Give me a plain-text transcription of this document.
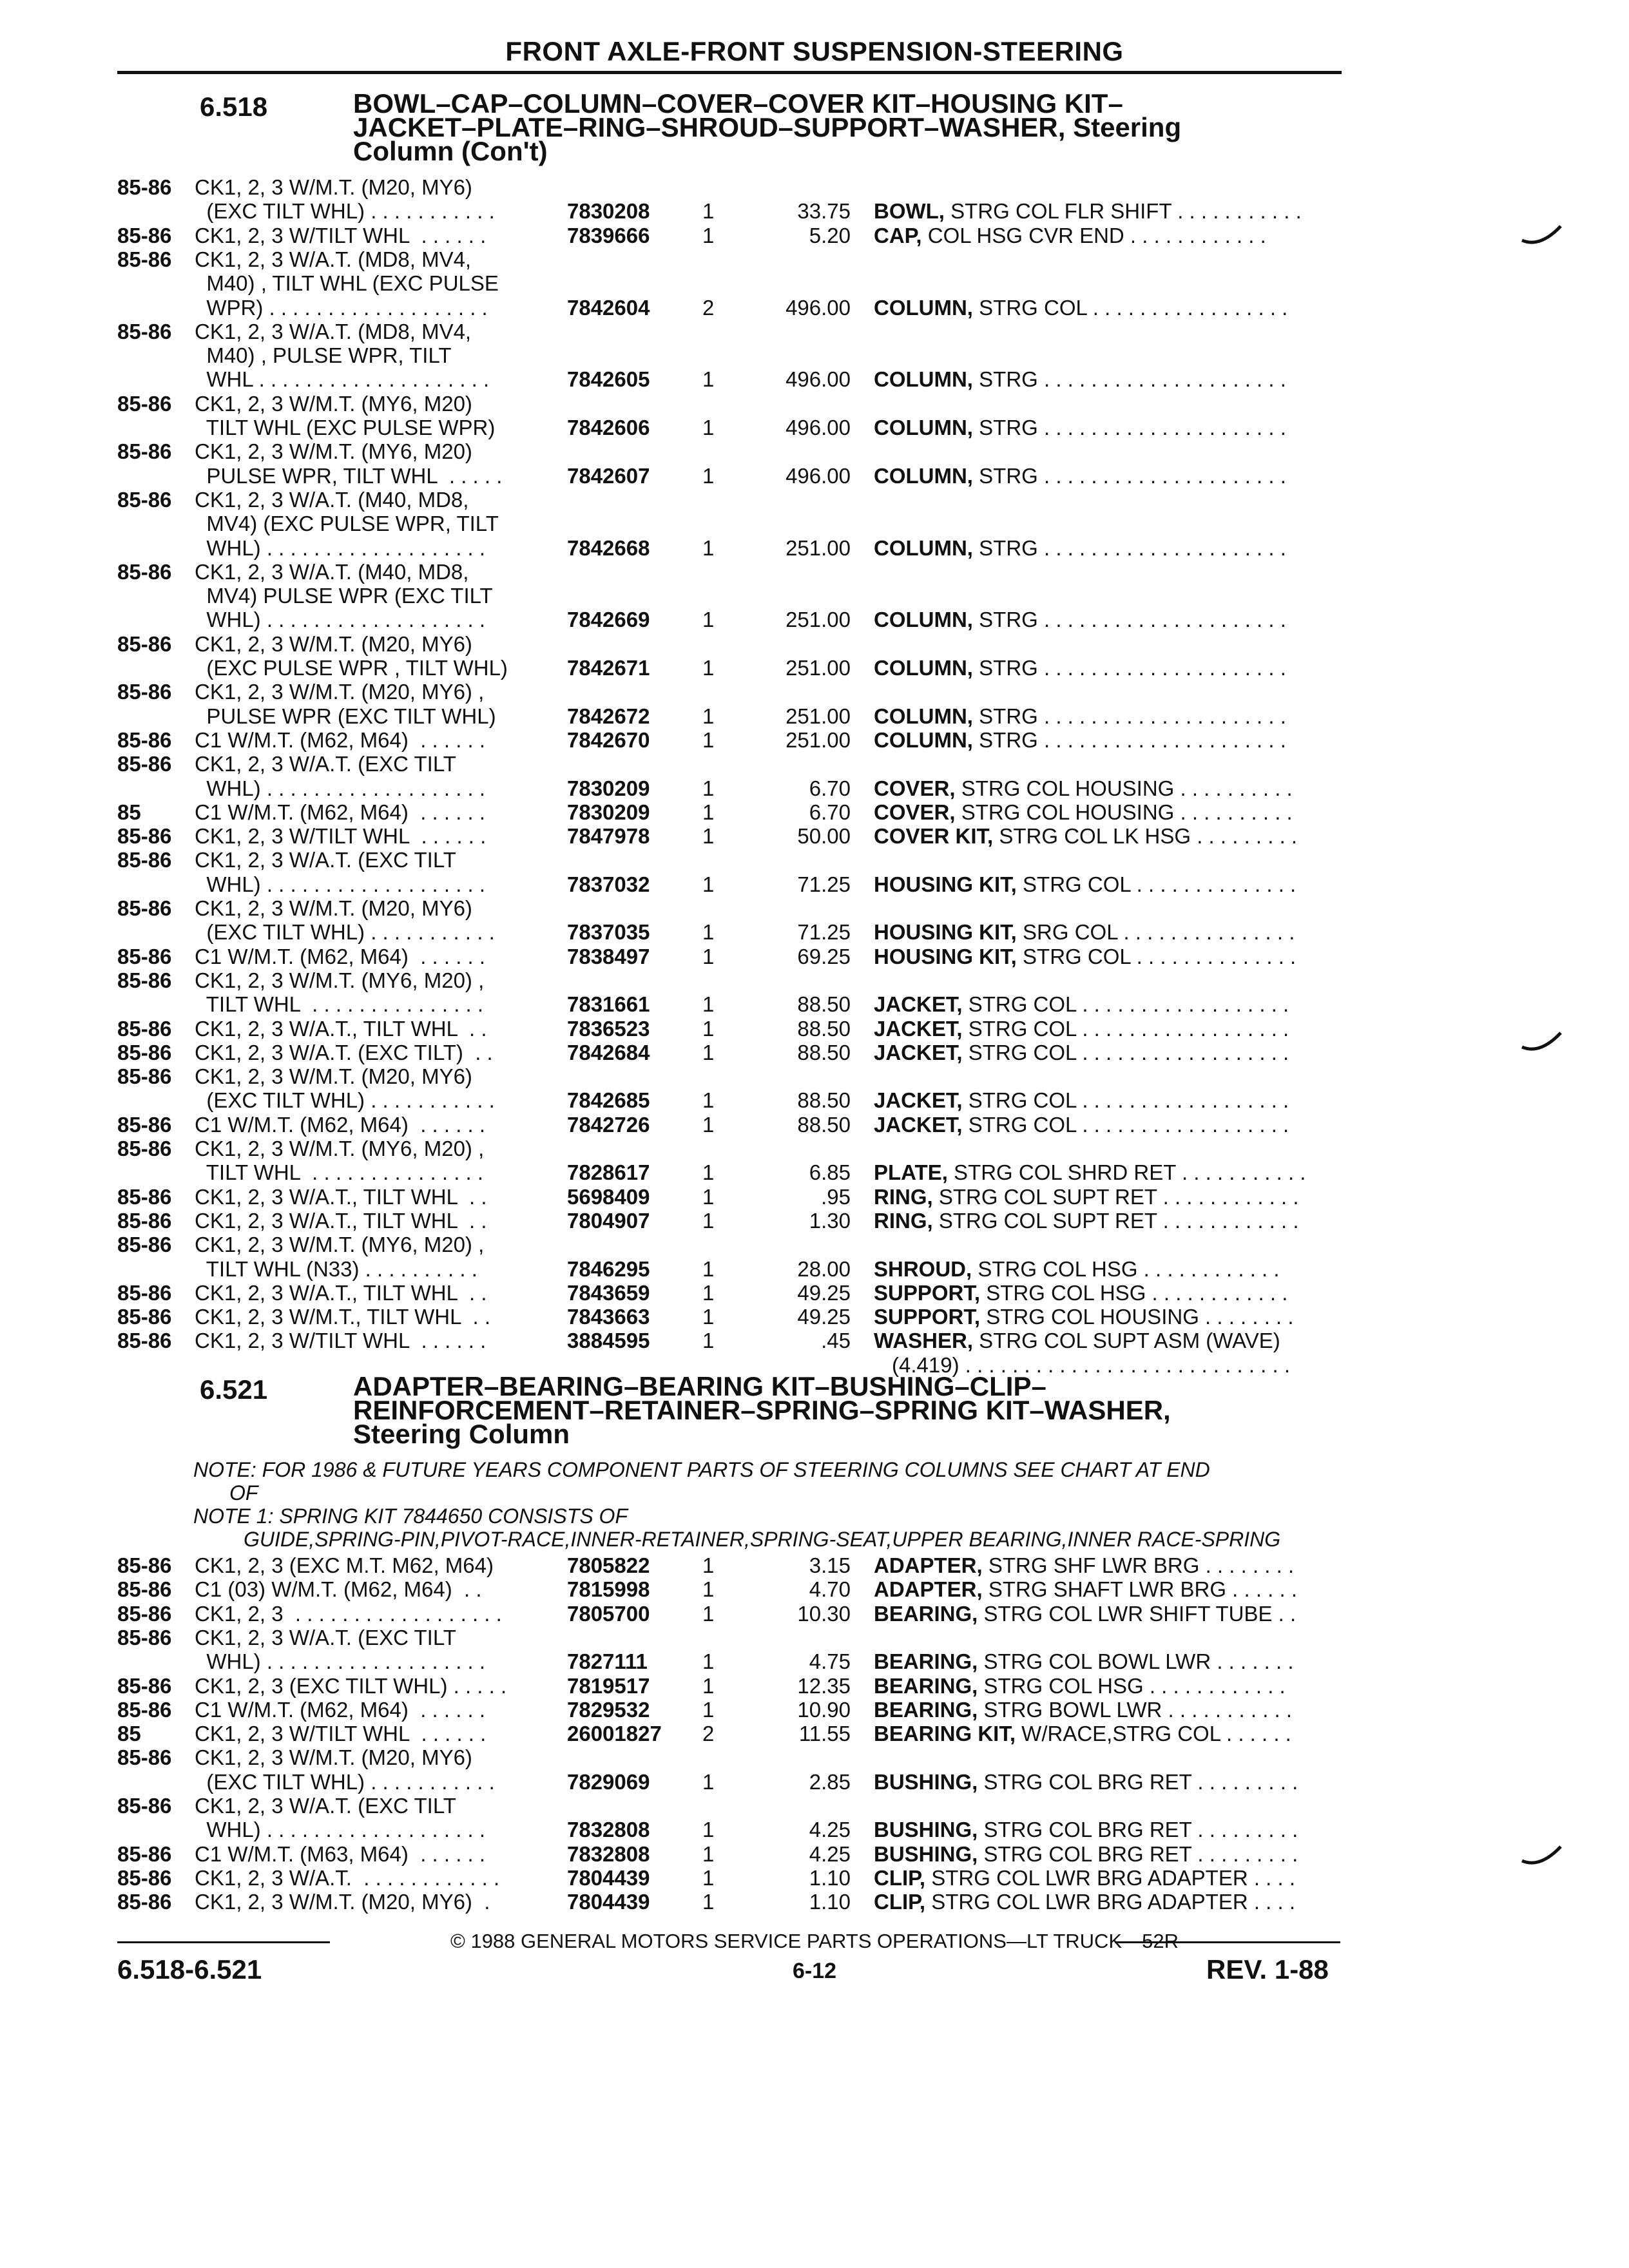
FRONT AXLE-FRONT SUSPENSION-STEERING
6.518	BOWL–CAP–COLUMN–COVER–COVER KIT–HOUSING KIT–
JACKET–PLATE–RING–SHROUD–SUPPORT–WASHER, Steering
Column (Con't)
85-86 CK1, 2, 3 W/M.T. (M20, MY6)
(EXC TILT WHL) . . . . . . . . . . .	7830208 1	33.75 BOWL, STRG COL FLR SHIFT . . . . . . . . . . .
85-86 CK1, 2, 3 W/TILT WHL  . . . . . .	7839666 1	5.20 CAP, COL HSG CVR END . . . . . . . . . . . .
85-86 CK1, 2, 3 W/A.T. (MD8, MV4,
M40) , TILT WHL (EXC PULSE
WPR) . . . . . . . . . . . . . . . . . . .	7842604 2	496.00 COLUMN, STRG COL . . . . . . . . . . . . . . . . .
85-86 CK1, 2, 3 W/A.T. (MD8, MV4,
M40) , PULSE WPR, TILT
WHL . . . . . . . . . . . . . . . . . . . .	7842605 1	496.00 COLUMN, STRG . . . . . . . . . . . . . . . . . . . . .
85-86 CK1, 2, 3 W/M.T. (MY6, M20)
TILT WHL (EXC PULSE WPR)	7842606 1	496.00 COLUMN, STRG . . . . . . . . . . . . . . . . . . . . .
85-86 CK1, 2, 3 W/M.T. (MY6, M20)
PULSE WPR, TILT WHL  . . . . .	7842607 1	496.00 COLUMN, STRG . . . . . . . . . . . . . . . . . . . . .
85-86 CK1, 2, 3 W/A.T. (M40, MD8,
MV4) (EXC PULSE WPR, TILT
WHL) . . . . . . . . . . . . . . . . . . .	7842668 1	251.00 COLUMN, STRG . . . . . . . . . . . . . . . . . . . . .
85-86 CK1, 2, 3 W/A.T. (M40, MD8,
MV4) PULSE WPR (EXC TILT
WHL) . . . . . . . . . . . . . . . . . . .	7842669 1	251.00 COLUMN, STRG . . . . . . . . . . . . . . . . . . . . .
85-86 CK1, 2, 3 W/M.T. (M20, MY6)
(EXC PULSE WPR , TILT WHL)	7842671 1	251.00 COLUMN, STRG . . . . . . . . . . . . . . . . . . . . .
85-86 CK1, 2, 3 W/M.T. (M20, MY6) ,
PULSE WPR (EXC TILT WHL)	7842672 1	251.00 COLUMN, STRG . . . . . . . . . . . . . . . . . . . . .
85-86 C1 W/M.T. (M62, M64)  . . . . . .	7842670 1	251.00 COLUMN, STRG . . . . . . . . . . . . . . . . . . . . .
85-86 CK1, 2, 3 W/A.T. (EXC TILT
WHL) . . . . . . . . . . . . . . . . . . .	7830209 1	6.70 COVER, STRG COL HOUSING . . . . . . . . . .
85	C1 W/M.T. (M62, M64)  . . . . . .	7830209 1	6.70 COVER, STRG COL HOUSING . . . . . . . . . .
85-86 CK1, 2, 3 W/TILT WHL  . . . . . .	7847978 1	50.00 COVER KIT, STRG COL LK HSG . . . . . . . . .
85-86 CK1, 2, 3 W/A.T. (EXC TILT
WHL) . . . . . . . . . . . . . . . . . . .	7837032 1	71.25 HOUSING KIT, STRG COL . . . . . . . . . . . . . .
85-86 CK1, 2, 3 W/M.T. (M20, MY6)
(EXC TILT WHL) . . . . . . . . . . .	7837035 1	71.25 HOUSING KIT, SRG COL . . . . . . . . . . . . . . .
85-86 C1 W/M.T. (M62, M64)  . . . . . .	7838497 1	69.25 HOUSING KIT, STRG COL . . . . . . . . . . . . . .
85-86 CK1, 2, 3 W/M.T. (MY6, M20) ,
TILT WHL  . . . . . . . . . . . . . . .	7831661 1	88.50 JACKET, STRG COL . . . . . . . . . . . . . . . . . .
85-86 CK1, 2, 3 W/A.T., TILT WHL  . .	7836523 1	88.50 JACKET, STRG COL . . . . . . . . . . . . . . . . . .
85-86 CK1, 2, 3 W/A.T. (EXC TILT)  . .	7842684 1	88.50 JACKET, STRG COL . . . . . . . . . . . . . . . . . .
85-86 CK1, 2, 3 W/M.T. (M20, MY6)
(EXC TILT WHL) . . . . . . . . . . .	7842685 1	88.50 JACKET, STRG COL . . . . . . . . . . . . . . . . . .
85-86 C1 W/M.T. (M62, M64)  . . . . . .	7842726 1	88.50 JACKET, STRG COL . . . . . . . . . . . . . . . . . .
85-86 CK1, 2, 3 W/M.T. (MY6, M20) ,
TILT WHL  . . . . . . . . . . . . . . .	7828617 1	6.85 PLATE, STRG COL SHRD RET . . . . . . . . . . .
85-86 CK1, 2, 3 W/A.T., TILT WHL  . .	5698409 1	.95 RING, STRG COL SUPT RET . . . . . . . . . . . .
85-86 CK1, 2, 3 W/A.T., TILT WHL  . .	7804907 1	1.30 RING, STRG COL SUPT RET . . . . . . . . . . . .
85-86 CK1, 2, 3 W/M.T. (MY6, M20) ,
TILT WHL (N33) . . . . . . . . . .	7846295 1	28.00 SHROUD, STRG COL HSG . . . . . . . . . . . .
85-86 CK1, 2, 3 W/A.T., TILT WHL  . .	7843659 1	49.25 SUPPORT, STRG COL HSG . . . . . . . . . . . .
85-86 CK1, 2, 3 W/M.T., TILT WHL  . .	7843663 1	49.25 SUPPORT, STRG COL HOUSING . . . . . . . .
85-86 CK1, 2, 3 W/TILT WHL  . . . . . .	3884595 1	.45 WASHER, STRG COL SUPT ASM (WAVE)
(4.419) . . . . . . . . . . . . . . . . . . . . . . . . . . . .
6.521	ADAPTER–BEARING–BEARING KIT–BUSHING–CLIP–
REINFORCEMENT–RETAINER–SPRING–SPRING KIT–WASHER,
Steering Column
NOTE: FOR 1986 & FUTURE YEARS COMPONENT PARTS OF STEERING COLUMNS SEE CHART AT END
OF
NOTE 1: SPRING KIT 7844650 CONSISTS OF
GUIDE,SPRING-PIN,PIVOT-RACE,INNER-RETAINER,SPRING-SEAT,UPPER BEARING,INNER RACE-SPRING
85-86 CK1, 2, 3 (EXC M.T. M62, M64)	7805822 1	3.15 ADAPTER, STRG SHF LWR BRG . . . . . . . .
85-86 C1 (03) W/M.T. (M62, M64)  . .	7815998 1	4.70 ADAPTER, STRG SHAFT LWR BRG . . . . . .
85-86 CK1, 2, 3  . . . . . . . . . . . . . . . . . .	7805700 1	10.30 BEARING, STRG COL LWR SHIFT TUBE . .
85-86 CK1, 2, 3 W/A.T. (EXC TILT
WHL) . . . . . . . . . . . . . . . . . . .	7827111	1	4.75 BEARING, STRG COL BOWL LWR . . . . . . .
85-86 CK1, 2, 3 (EXC TILT WHL) . . . . .	7819517 1	12.35 BEARING, STRG COL HSG . . . . . . . . . . . .
85-86 C1 W/M.T. (M62, M64)  . . . . . .	7829532 1	10.90 BEARING, STRG BOWL LWR . . . . . . . . . . .
85	CK1, 2, 3 W/TILT WHL  . . . . . .	26001827 2	11.55 BEARING KIT, W/RACE,STRG COL . . . . . .
85-86 CK1, 2, 3 W/M.T. (M20, MY6)
(EXC TILT WHL) . . . . . . . . . . .	7829069 1	2.85 BUSHING, STRG COL BRG RET . . . . . . . . .
85-86 CK1, 2, 3 W/A.T. (EXC TILT
WHL) . . . . . . . . . . . . . . . . . . .	7832808 1	4.25 BUSHING, STRG COL BRG RET . . . . . . . . .
85-86 C1 W/M.T. (M63, M64)  . . . . . .	7832808 1	4.25 BUSHING, STRG COL BRG RET . . . . . . . . .
85-86 CK1, 2, 3 W/A.T.  . . . . . . . . . . . .	7804439 1	1.10 CLIP, STRG COL LWR BRG ADAPTER . . . .
85-86 CK1, 2, 3 W/M.T. (M20, MY6)  .	7804439 1	1.10 CLIP, STRG COL LWR BRG ADAPTER . . . .
© 1988 GENERAL MOTORS SERVICE PARTS OPERATIONS—LT TRUCK—52R
6.518-6.521	6-12	REV. 1-88
